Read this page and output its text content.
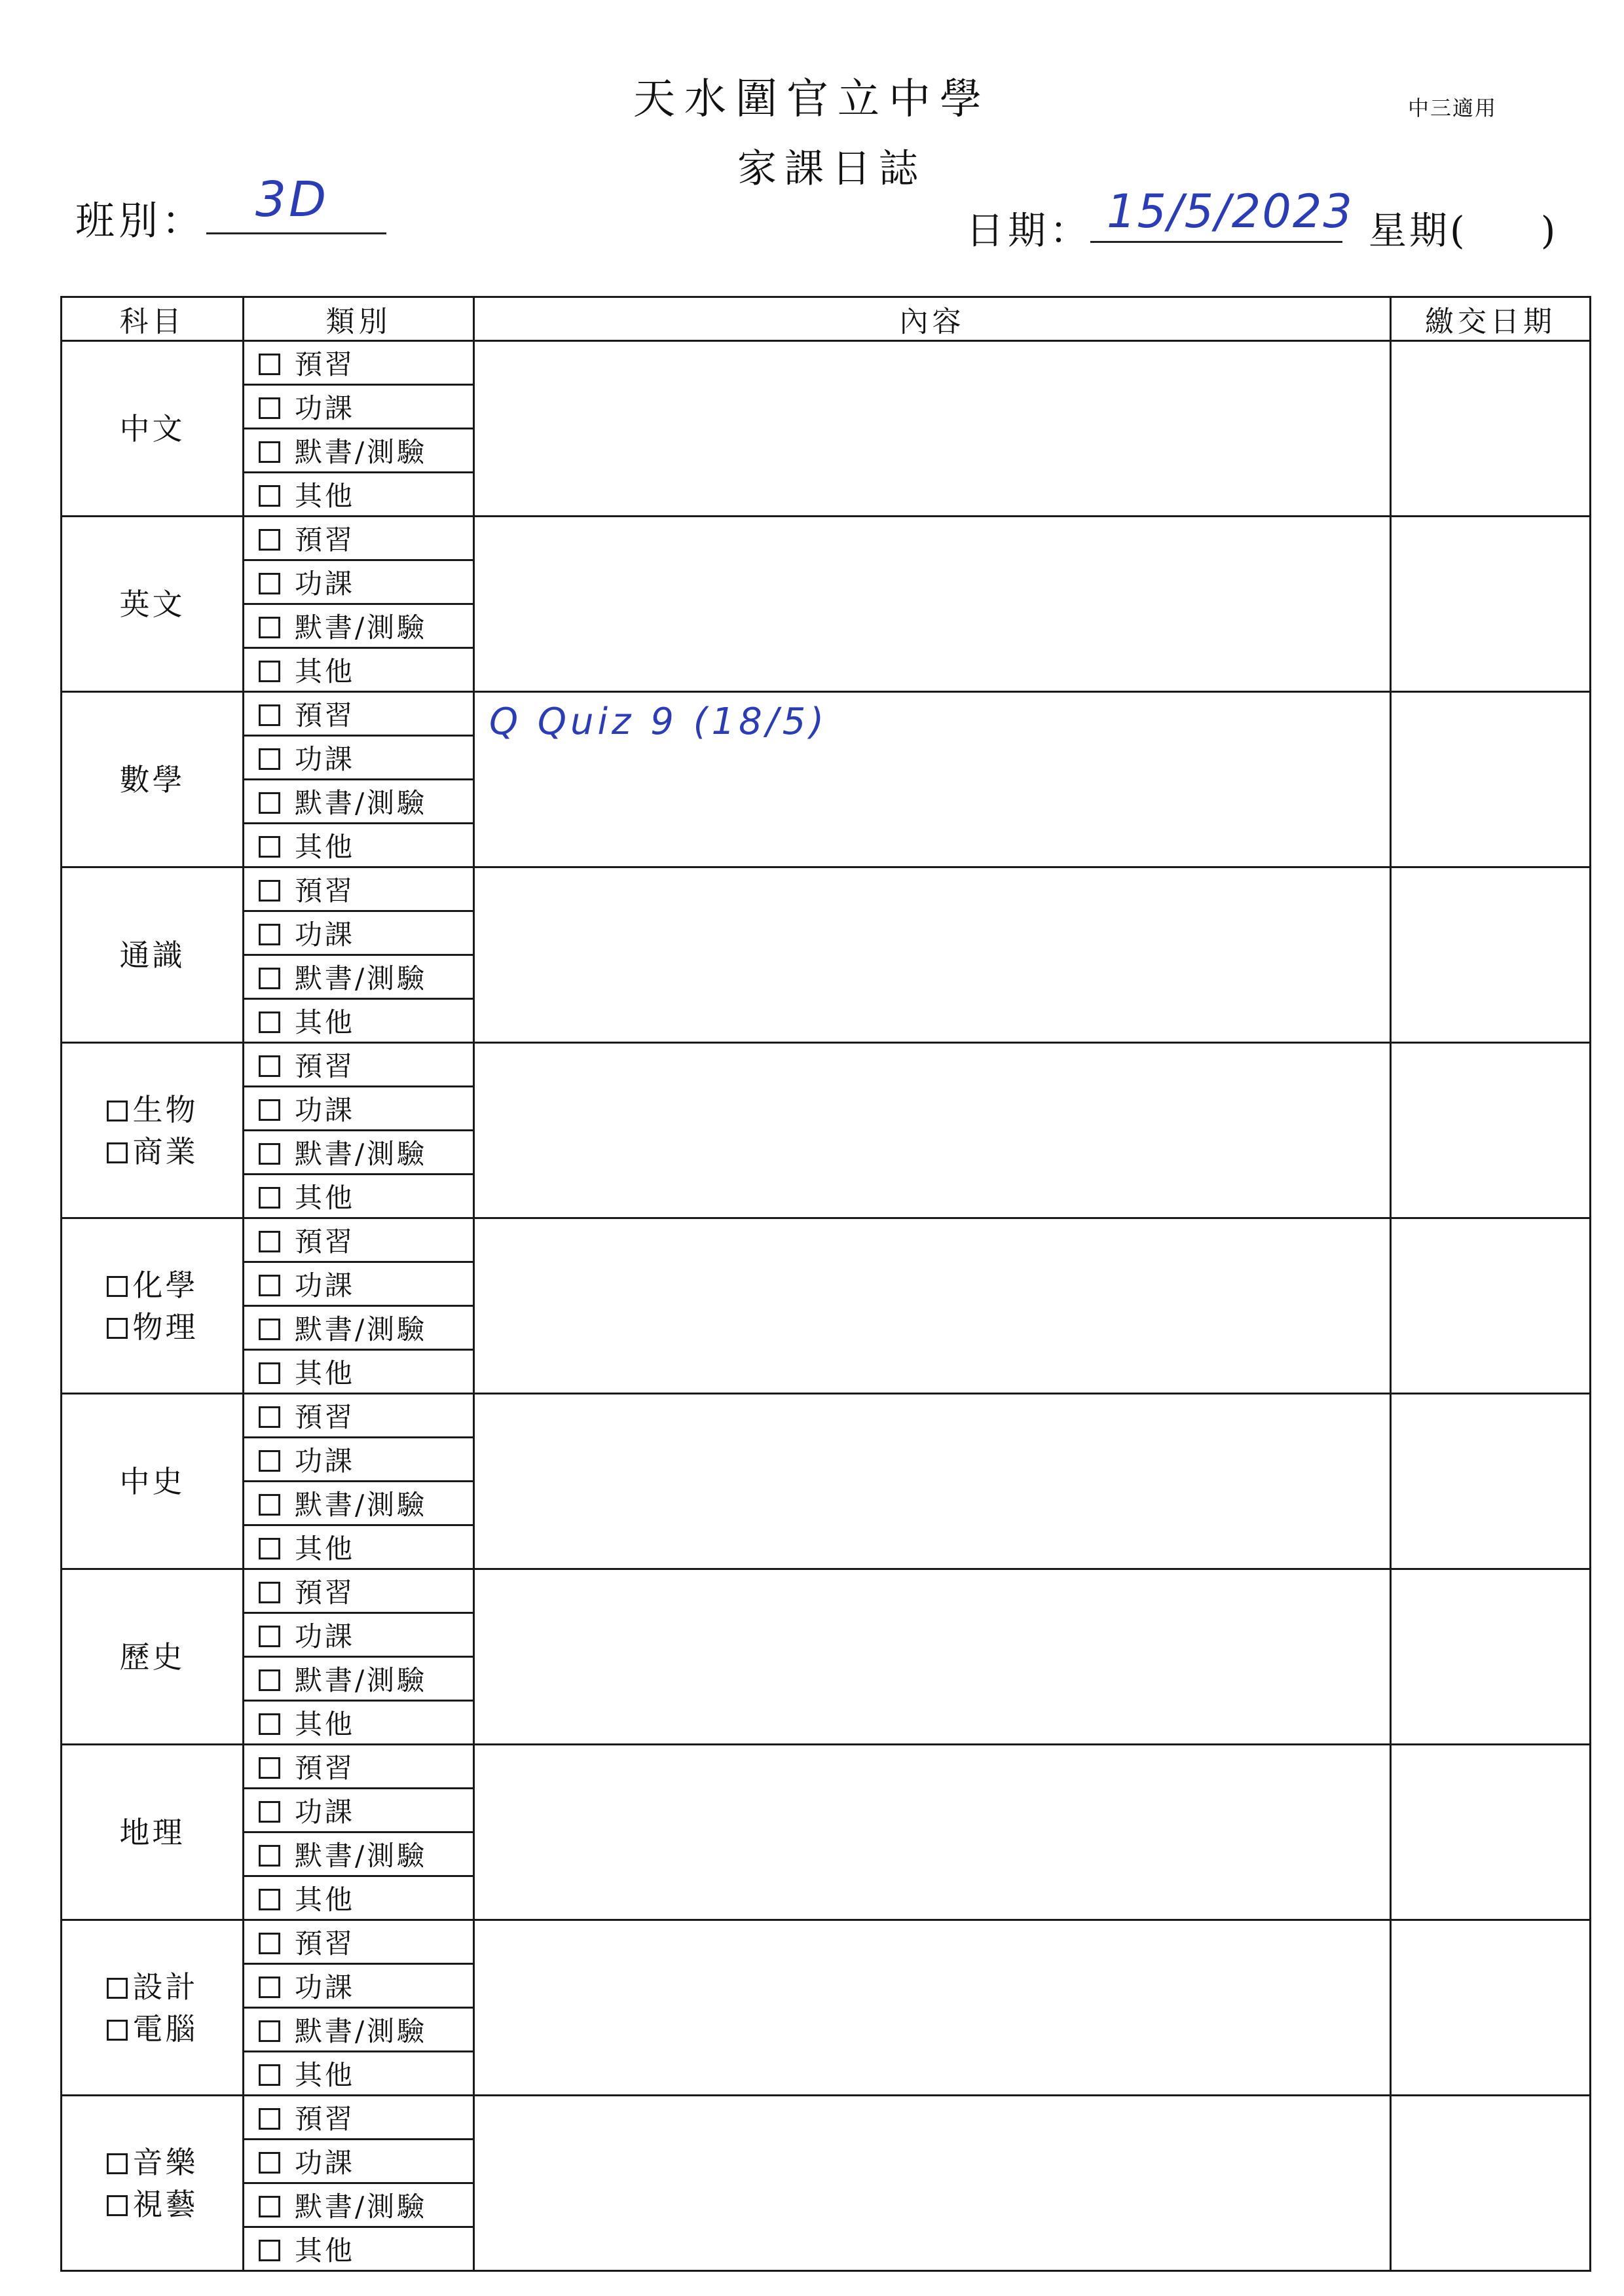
天水圍官立中學
家課日誌
中三適用
班別： 3D
日期： 15/5/2023 星期(     )
科目	類別	內容	繳交日期

中文	預習	

	功課		
	默書/測驗		
	其他		

英文	預習	

	功課		
	默書/測驗		
	其他		

數學	預習	Q Quiz 9 (18/5)	

	功課		
	默書/測驗		
	其他		

通識	預習	

	功課		
	默書/測驗		
	其他		

生物
商業	預習	

	功課		
	默書/測驗		
	其他		

化學
物理	預習	

	功課		
	默書/測驗		
	其他		

中史	預習	

	功課		
	默書/測驗		
	其他		

歷史	預習	

	功課		
	默書/測驗		
	其他		

地理	預習	

	功課		
	默書/測驗		
	其他		

設計
電腦	預習	

	功課		
	默書/測驗		
	其他		

音樂
視藝	預習	

	功課		
	默書/測驗		
	其他		
